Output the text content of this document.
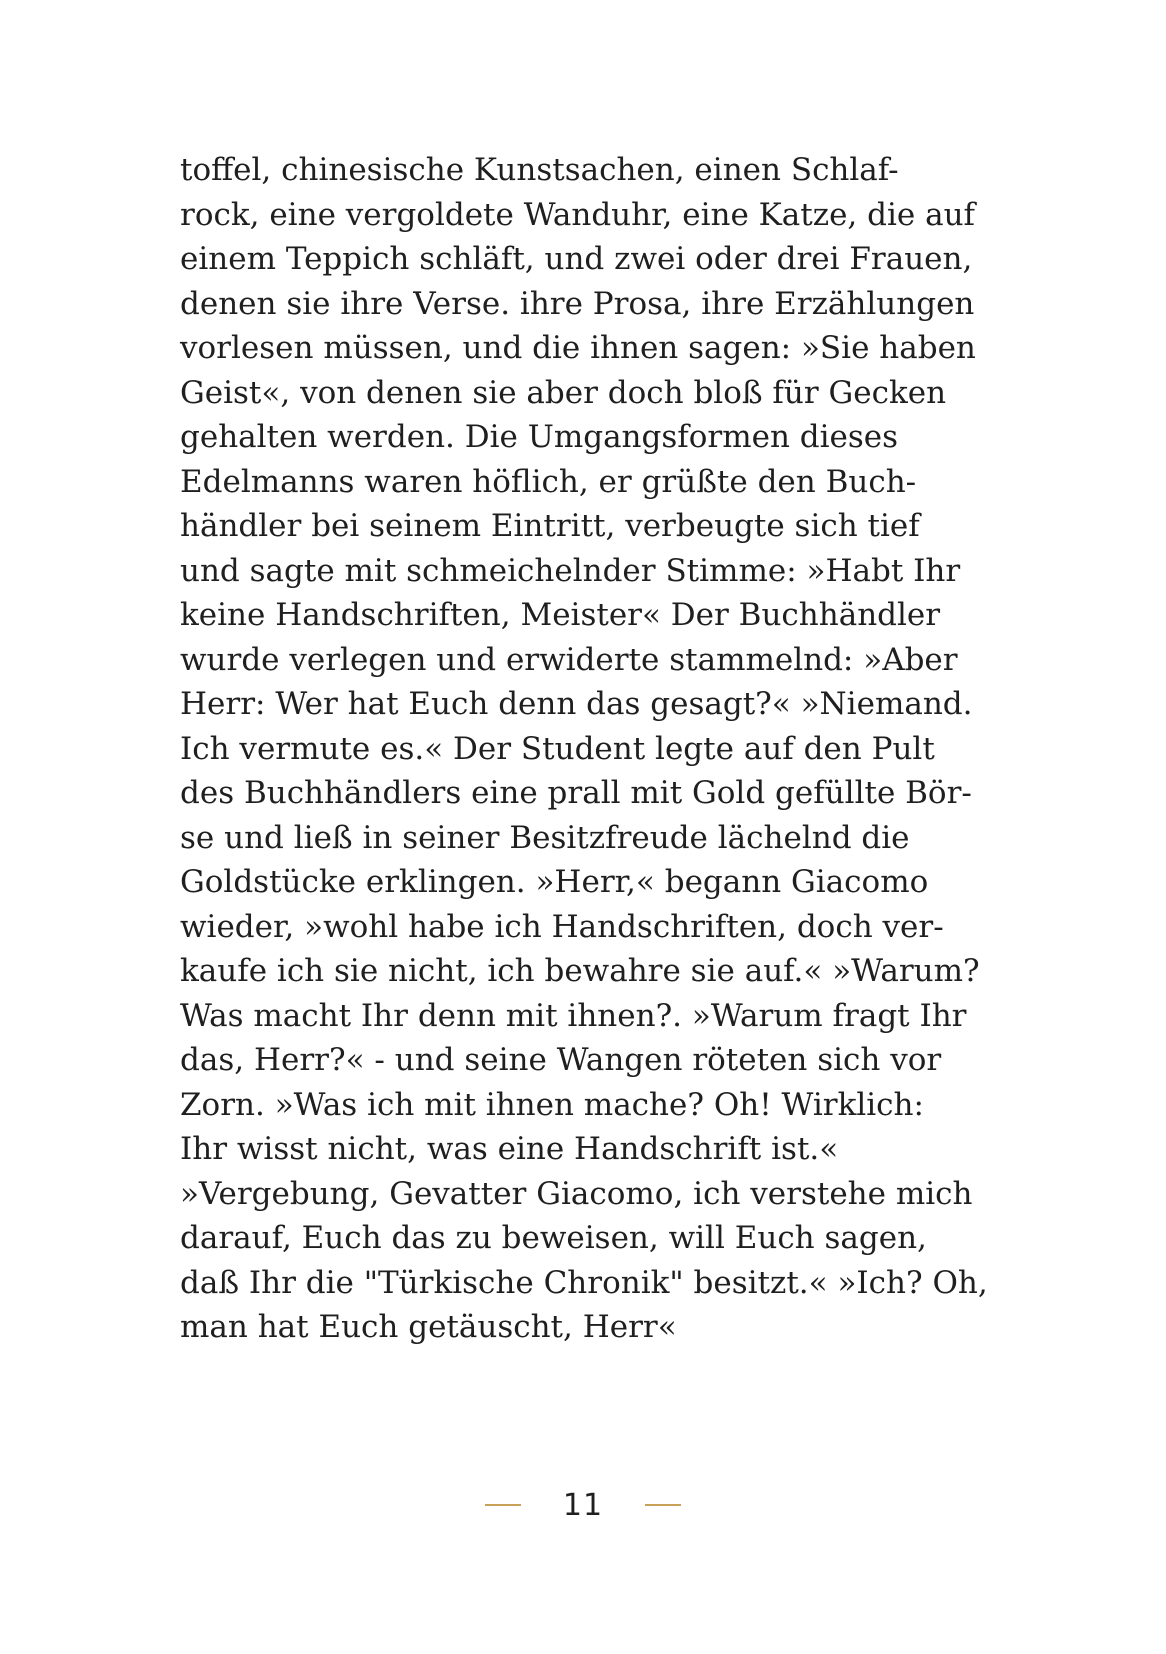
toffel, chinesische Kunstsachen, einen Schlaf-
rock, eine vergoldete Wanduhr, eine Katze, die auf
einem Teppich schläft, und zwei oder drei Frauen,
denen sie ihre Verse. ihre Prosa, ihre Erzählungen
vorlesen müssen, und die ihnen sagen: »Sie haben
Geist«, von denen sie aber doch bloß für Gecken
gehalten werden. Die Umgangsformen dieses
Edelmanns waren höflich, er grüßte den Buch-
händler bei seinem Eintritt, verbeugte sich tief
und sagte mit schmeichelnder Stimme: »Habt Ihr
keine Handschriften, Meister« Der Buchhändler
wurde verlegen und erwiderte stammelnd: »Aber
Herr: Wer hat Euch denn das gesagt?« »Niemand.
Ich vermute es.« Der Student legte auf den Pult
des Buchhändlers eine prall mit Gold gefüllte Bör-
se und ließ in seiner Besitzfreude lächelnd die
Goldstücke erklingen. »Herr,« begann Giacomo
wieder, »wohl habe ich Handschriften, doch ver-
kaufe ich sie nicht, ich bewahre sie auf.« »Warum?
Was macht Ihr denn mit ihnen?. »Warum fragt Ihr
das, Herr?« - und seine Wangen röteten sich vor
Zorn. »Was ich mit ihnen mache? Oh! Wirklich:
Ihr wisst nicht, was eine Handschrift ist.«
»Vergebung, Gevatter Giacomo, ich verstehe mich
darauf, Euch das zu beweisen, will Euch sagen,
daß Ihr die "Türkische Chronik" besitzt.« »Ich? Oh,
man hat Euch getäuscht, Herr«
11
